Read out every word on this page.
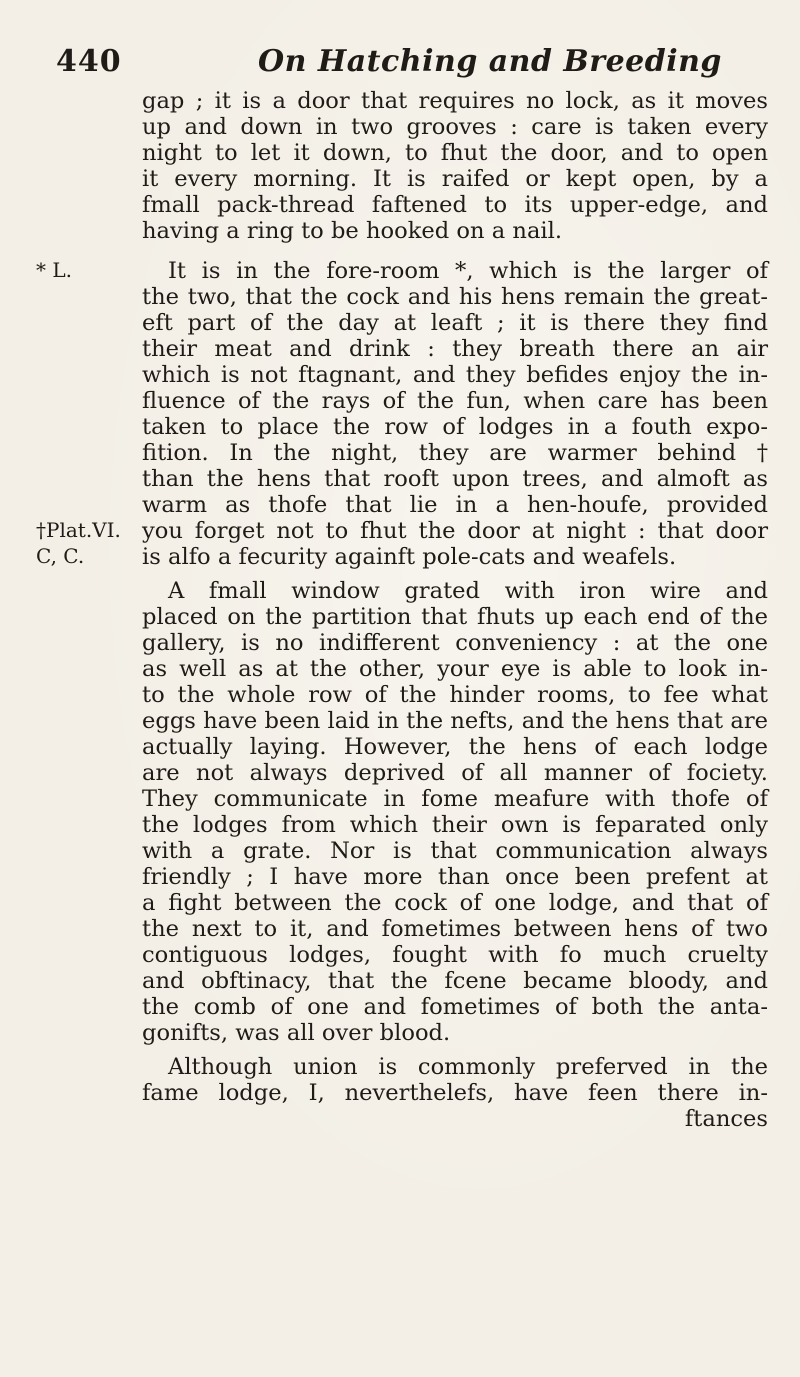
440	On Hatching and Breeding
* L.
†Plat.VI.
C, C.
gap ; it is a door that requires no lock, as it moves
up and down in two grooves : care is taken every
night to let it down, to fhut the door, and to open
it every morning. It is raifed or kept open, by a
fmall pack-thread faftened to its upper-edge, and
having a ring to be hooked on a nail.
It is in the fore-room *, which is the larger of
the two, that the cock and his hens remain the great-
eft part of the day at leaft ; it is there they find
their meat and drink : they breath there an air
which is not ftagnant, and they befides enjoy the in-
fluence of the rays of the fun, when care has been
taken to place the row of lodges in a fouth expo-
fition. In the night, they are warmer behind †
than the hens that rooft upon trees, and almoft as
warm as thofe that lie in a hen-houfe, provided
you forget not to fhut the door at night : that door
is alfo a fecurity againft pole-cats and weafels.
A fmall window grated with iron wire and
placed on the partition that fhuts up each end of the
gallery, is no indifferent conveniency : at the one
as well as at the other, your eye is able to look in-
to the whole row of the hinder rooms, to fee what
eggs have been laid in the nefts, and the hens that are
actually laying. However, the hens of each lodge
are not always deprived of all manner of fociety.
They communicate in fome meafure with thofe of
the lodges from which their own is feparated only
with a grate. Nor is that communication always
friendly ; I have more than once been prefent at
a fight between the cock of one lodge, and that of
the next to it, and fometimes between hens of two
contiguous lodges, fought with fo much cruelty
and obftinacy, that the fcene became bloody, and
the comb of one and fometimes of both the anta-
gonifts, was all over blood.
Although union is commonly preferved in the
fame lodge, I, neverthelefs, have feen there in-
ftances
